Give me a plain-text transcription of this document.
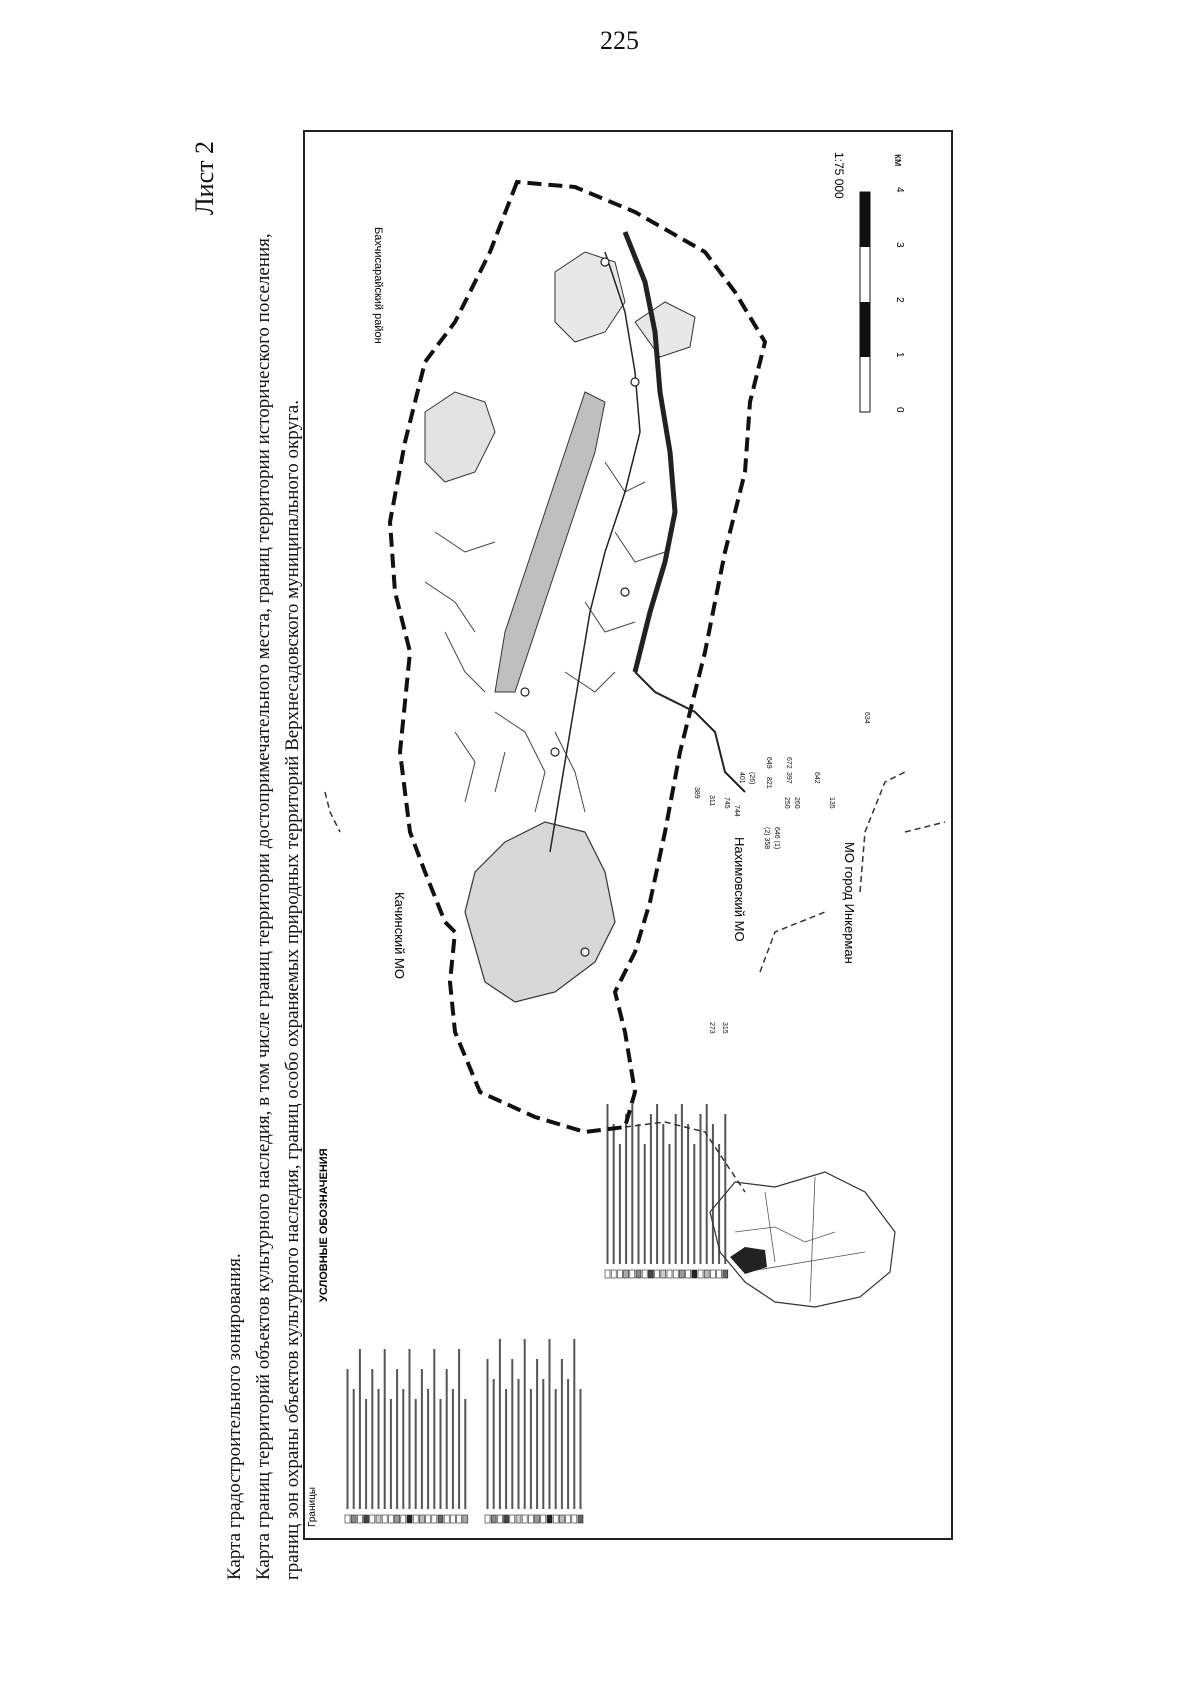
225
Лист 2
Карта градостроительного зонирования. Карта границ территорий объектов культурного наследия, в том числе границ территории достопримечательного места, границ территории исторического поселения, границ зон охраны объектов культурного наследия, границ особо охраняемых природных территорий Верхнесадовского муниципального округа.	УСЛОВНЫЕ ОБОЗНАЧЕНИЯ
Границы
Бахчисарайский район
Качинский МО	Нахимовский МО	МО город Инкерман
389
311 745
744
273 315
(2) 358 646 (1)
821
250 260
397
672
649
401 (26)	642
135
634
1:75 000	км
4
3
2
1
0
